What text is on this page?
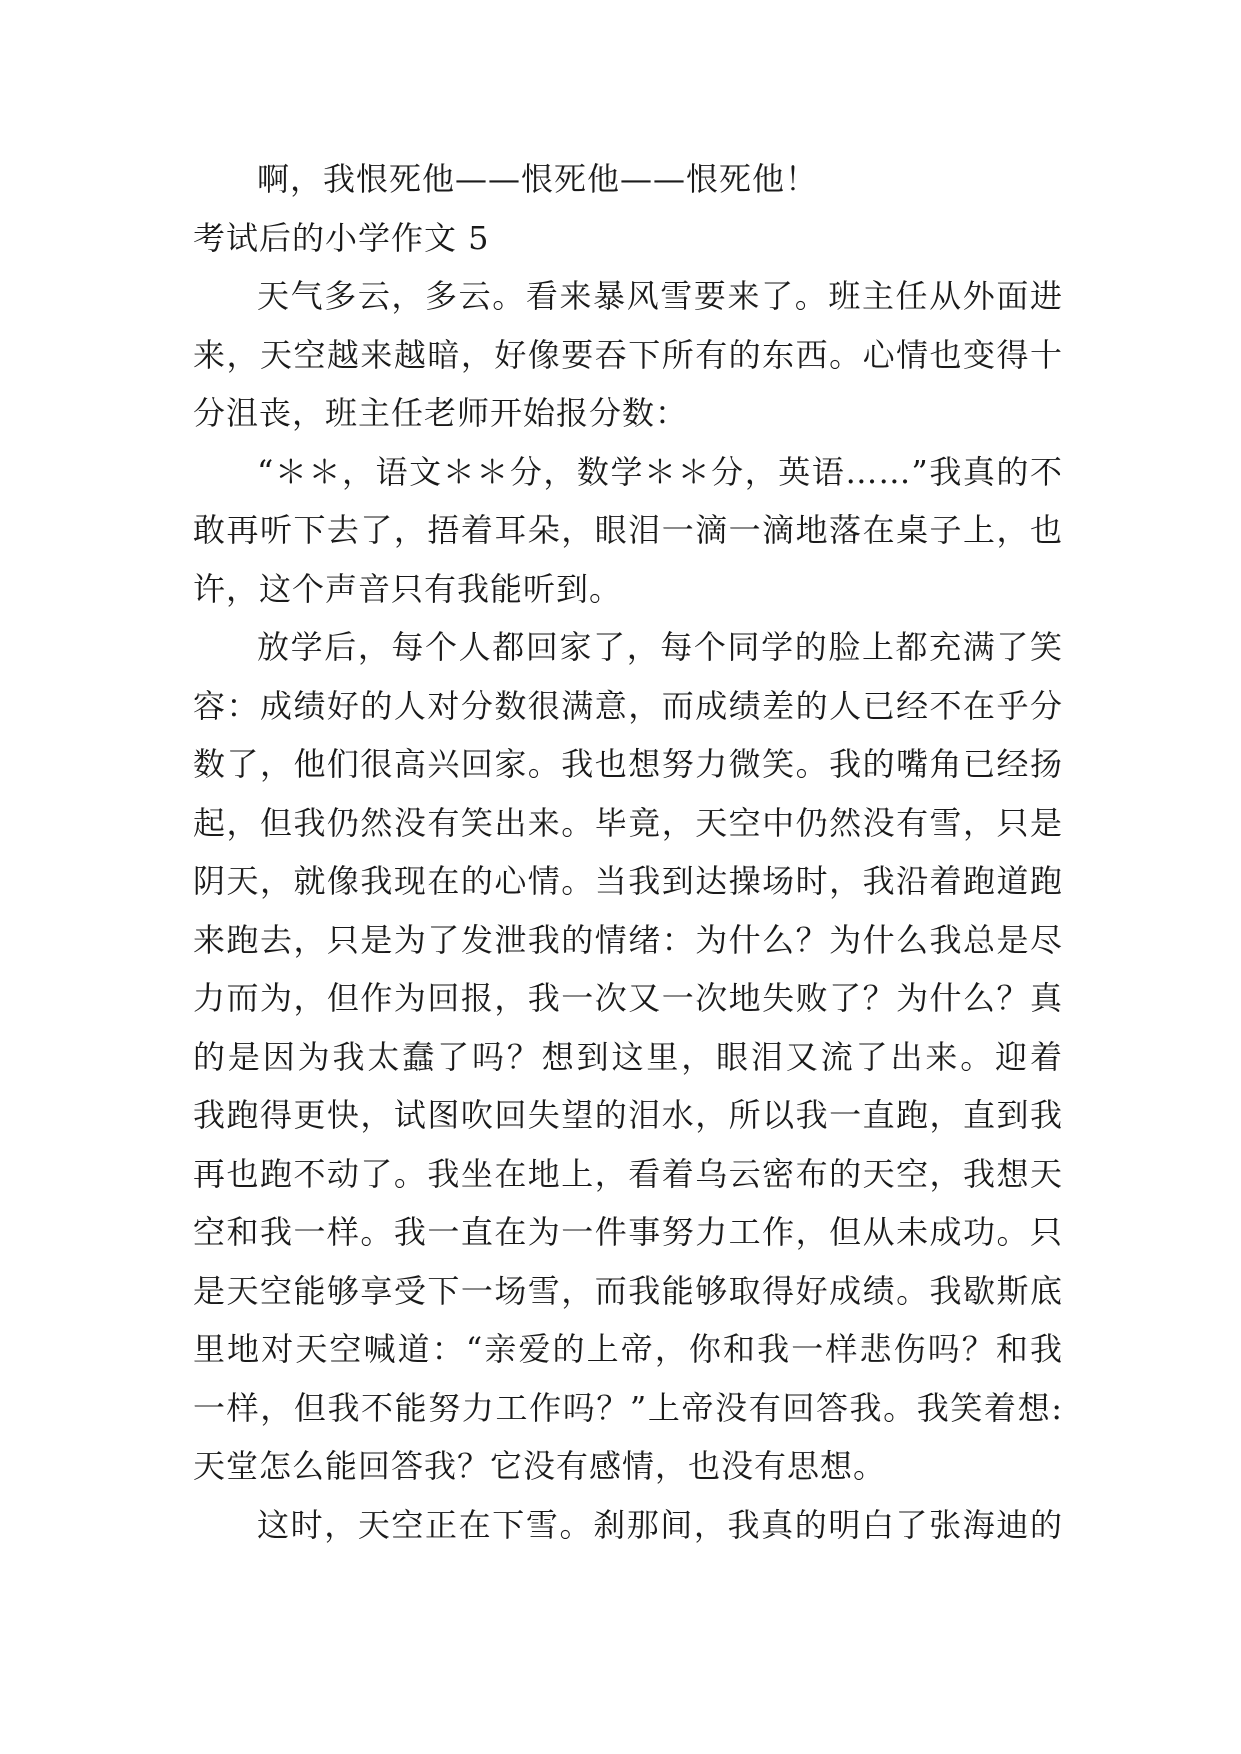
啊，我恨死他——恨死他——恨死他！
考试后的小学作文 5
天气多云，多云。看来暴风雪要来了。班主任从外面进
来，天空越来越暗，好像要吞下所有的东西。心情也变得十
分沮丧，班主任老师开始报分数：
“＊＊，语文＊＊分，数学＊＊分，英语……”我真的不
敢再听下去了，捂着耳朵，眼泪一滴一滴地落在桌子上，也
许，这个声音只有我能听到。
放学后，每个人都回家了，每个同学的脸上都充满了笑
容：成绩好的人对分数很满意，而成绩差的人已经不在乎分
数了，他们很高兴回家。我也想努力微笑。我的嘴角已经扬
起，但我仍然没有笑出来。毕竟，天空中仍然没有雪，只是
阴天，就像我现在的心情。当我到达操场时，我沿着跑道跑
来跑去，只是为了发泄我的情绪：为什么？为什么我总是尽
力而为，但作为回报，我一次又一次地失败了？为什么？真
的是因为我太蠢了吗？想到这里，眼泪又流了出来。迎着
我跑得更快，试图吹回失望的泪水，所以我一直跑，直到我
再也跑不动了。我坐在地上，看着乌云密布的天空，我想天
空和我一样。我一直在为一件事努力工作，但从未成功。只
是天空能够享受下一场雪，而我能够取得好成绩。我歇斯底
里地对天空喊道：“亲爱的上帝，你和我一样悲伤吗？和我
一样，但我不能努力工作吗？”上帝没有回答我。我笑着想:
天堂怎么能回答我？它没有感情，也没有思想。
这时，天空正在下雪。刹那间，我真的明白了张海迪的
